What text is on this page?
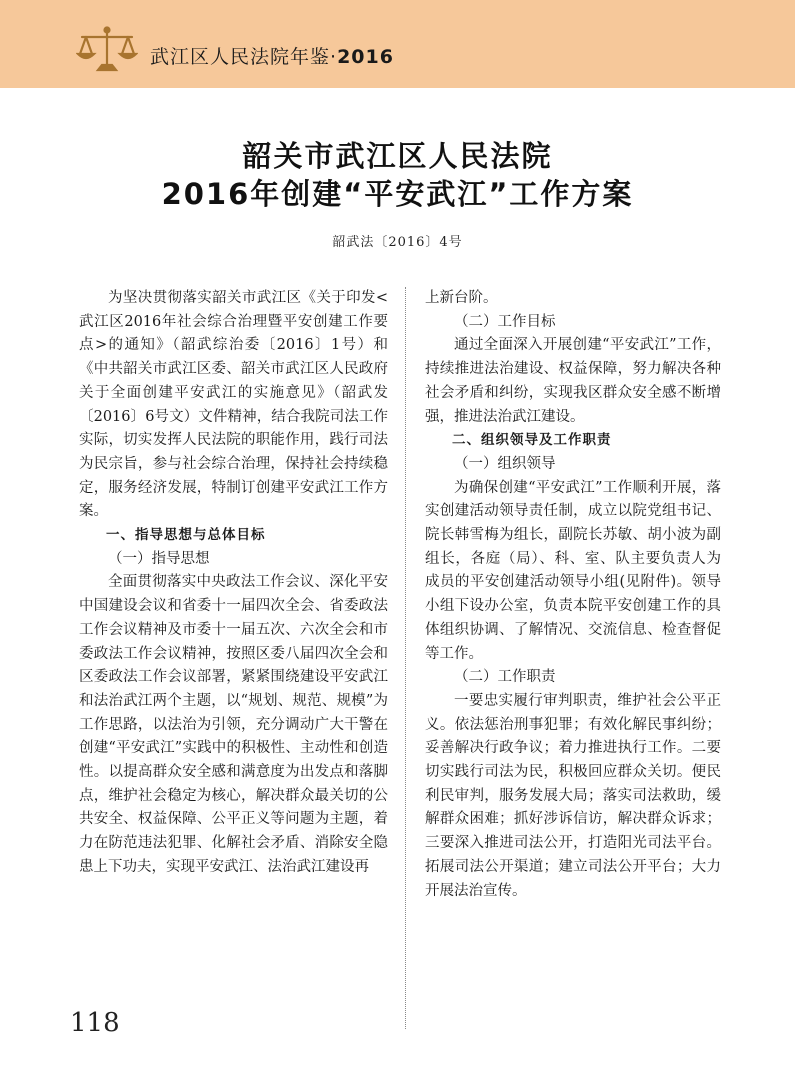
武江区人民法院年鉴·2016
韶关市武江区人民法院
2016年创建“平安武江”工作方案
韶武法〔2016〕4号

为坚决贯彻落实韶关市武江区《关于印发<武江区2016年社会综合治理暨平安创建工作要点>的通知》（韶武综治委〔2016〕1号）和《中共韶关市武江区委、韶关市武江区人民政府关于全面创建平安武江的实施意见》（韶武发〔2016〕6号文）文件精神，结合我院司法工作实际，切实发挥人民法院的职能作用，践行司法为民宗旨，参与社会综合治理，保持社会持续稳定，服务经济发展，特制订创建平安武江工作方案。

一、指导思想与总体目标

（一）指导思想

全面贯彻落实中央政法工作会议、深化平安中国建设会议和省委十一届四次全会、省委政法工作会议精神及市委十一届五次、六次全会和市委政法工作会议精神，按照区委八届四次全会和区委政法工作会议部署，紧紧围绕建设平安武江和法治武江两个主题，以“规划、规范、规模”为工作思路，以法治为引领，充分调动广大干警在创建“平安武江”实践中的积极性、主动性和创造性。以提高群众安全感和满意度为出发点和落脚点，维护社会稳定为核心，解决群众最关切的公共安全、权益保障、公平正义等问题为主题，着力在防范违法犯罪、化解社会矛盾、消除安全隐患上下功夫，实现平安武江、法治武江建设再

上新台阶。

（二）工作目标

通过全面深入开展创建“平安武江”工作，持续推进法治建设、权益保障，努力解决各种社会矛盾和纠纷，实现我区群众安全感不断增强，推进法治武江建设。

二、组织领导及工作职责

（一）组织领导

为确保创建“平安武江”工作顺利开展，落实创建活动领导责任制，成立以院党组书记、院长韩雪梅为组长，副院长苏敏、胡小波为副组长，各庭（局）、科、室、队主要负责人为成员的平安创建活动领导小组(见附件)。领导小组下设办公室，负责本院平安创建工作的具体组织协调、了解情况、交流信息、检查督促等工作。

（二）工作职责

一要忠实履行审判职责，维护社会公平正义。依法惩治刑事犯罪；有效化解民事纠纷；妥善解决行政争议；着力推进执行工作。二要切实践行司法为民，积极回应群众关切。便民利民审判，服务发展大局；落实司法救助，缓解群众困难；抓好涉诉信访，解决群众诉求；三要深入推进司法公开，打造阳光司法平台。拓展司法公开渠道；建立司法公开平台；大力开展法治宣传。

118
